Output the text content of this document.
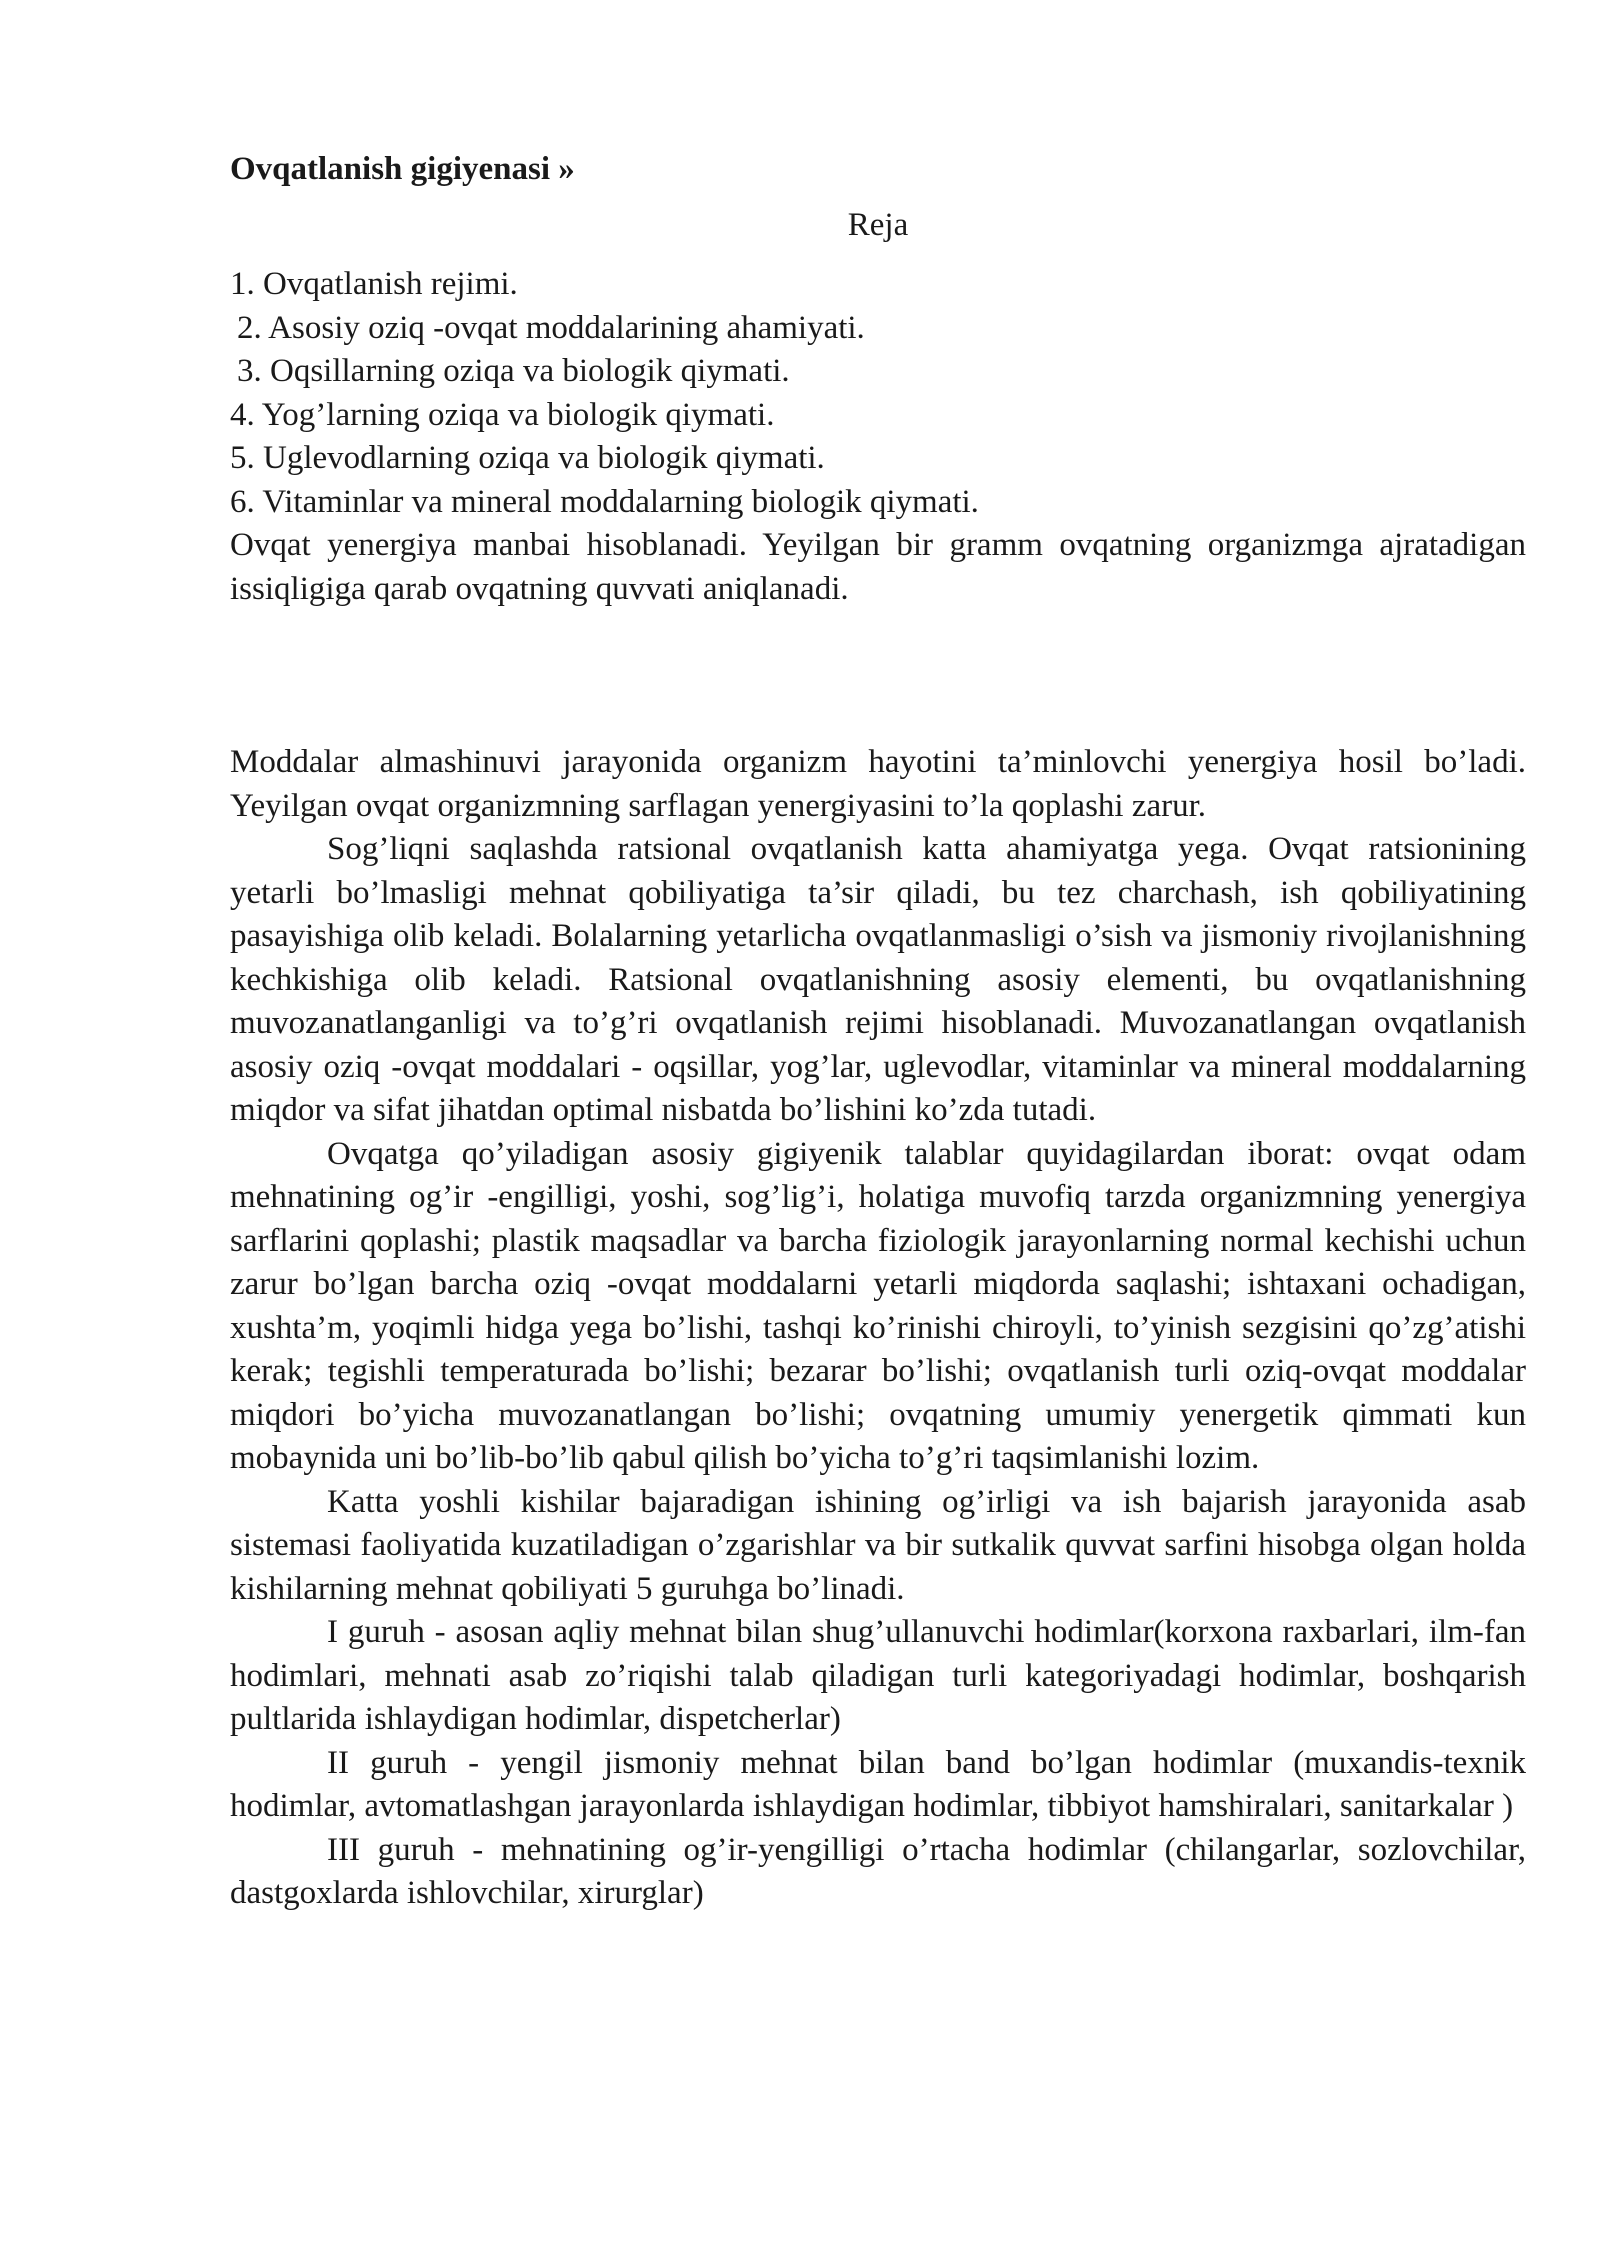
Ovqatlanish gigiyenasi »
Reja
1. Ovqatlanish rejimi.
2. Asosiy oziq -ovqat moddalarining ahamiyati.
3. Oqsillarning oziqa va biologik qiymati.
4. Yog’larning oziqa va biologik qiymati.
5. Uglevodlarning oziqa va biologik qiymati.
6. Vitaminlar va mineral moddalarning biologik qiymati.

Ovqat yenergiya manbai hisoblanadi. Yeyilgan bir gramm ovqatning organizmga ajratadigan issiqligiga qarab ovqatning quvvati aniqlanadi.

Moddalar almashinuvi jarayonida organizm hayotini ta’minlovchi yenergiya hosil bo’ladi. Yeyilgan ovqat organizmning sarflagan yenergiyasini to’la qoplashi zarur.

Sog’liqni saqlashda ratsional ovqatlanish katta ahamiyatga yega. Ovqat ratsionining yetarli bo’lmasligi mehnat qobiliyatiga ta’sir qiladi, bu tez charchash, ish qobiliyatining pasayishiga olib keladi. Bolalarning yetarlicha ovqatlanmasligi o’sish va jismoniy rivojlanishning kechkishiga olib keladi. Ratsional ovqatlanishning asosiy elementi, bu ovqatlanishning muvozanatlanganligi va to’g’ri ovqatlanish rejimi hisoblanadi. Muvozanatlangan ovqatlanish asosiy oziq -ovqat moddalari - oqsillar, yog’lar, uglevodlar, vitaminlar va mineral moddalarning miqdor va sifat jihatdan optimal nisbatda bo’lishini ko’zda tutadi.

Ovqatga qo’yiladigan asosiy gigiyenik talablar quyidagilardan iborat: ovqat odam mehnatining og’ir -engilligi, yoshi, sog’lig’i, holatiga muvofiq tarzda organizmning yenergiya sarflarini qoplashi; plastik maqsadlar va barcha fiziologik jarayonlarning normal kechishi uchun zarur bo’lgan barcha oziq -ovqat moddalarni yetarli miqdorda saqlashi; ishtaxani ochadigan, xushta’m, yoqimli hidga yega bo’lishi, tashqi ko’rinishi chiroyli, to’yinish sezgisini qo’zg’atishi kerak; tegishli temperaturada bo’lishi; bezarar bo’lishi; ovqatlanish turli oziq-ovqat moddalar miqdori bo’yicha muvozanatlangan bo’lishi; ovqatning umumiy yenergetik qimmati kun mobaynida uni bo’lib-bo’lib qabul qilish bo’yicha to’g’ri taqsimlanishi lozim.

Katta yoshli kishilar bajaradigan ishining og’irligi va ish bajarish jarayonida asab sistemasi faoliyatida kuzatiladigan o’zgarishlar va bir sutkalik quvvat sarfini hisobga olgan holda kishilarning mehnat qobiliyati 5 guruhga bo’linadi.

I guruh - asosan aqliy mehnat bilan shug’ullanuvchi hodimlar(korxona raxbarlari, ilm-fan hodimlari, mehnati asab zo’riqishi talab qiladigan turli kategoriyadagi hodimlar, boshqarish pultlarida ishlaydigan hodimlar, dispetcherlar)

II guruh - yengil jismoniy mehnat bilan band bo’lgan hodimlar (muxandis-texnik hodimlar, avtomatlashgan jarayonlarda ishlaydigan hodimlar, tibbiyot hamshiralari, sanitarkalar )

III guruh - mehnatining og’ir-yengilligi o’rtacha hodimlar (chilangarlar, sozlovchilar, dastgoxlarda ishlovchilar, xirurglar)
